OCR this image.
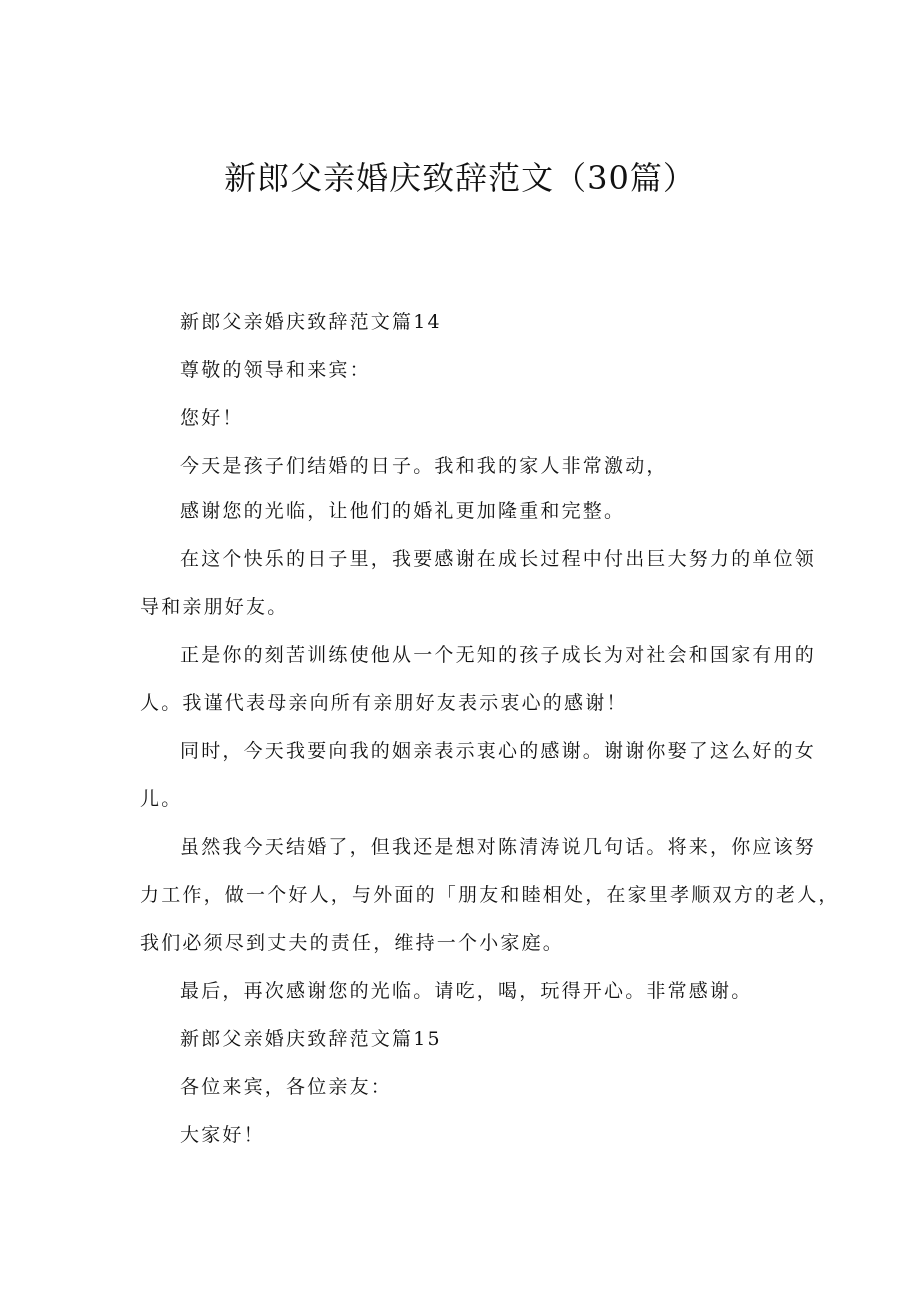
新郎父亲婚庆致辞范文（30篇）
新郎父亲婚庆致辞范文篇14
尊敬的领导和来宾：
您好！
今天是孩子们结婚的日子。我和我的家人非常激动，
感谢您的光临，让他们的婚礼更加隆重和完整。
在这个快乐的日子里，我要感谢在成长过程中付出巨大努力的单位领
导和亲朋好友。
正是你的刻苦训练使他从一个无知的孩子成长为对社会和国家有用的
人。我谨代表母亲向所有亲朋好友表示衷心的感谢！
同时，今天我要向我的姻亲表示衷心的感谢。谢谢你娶了这么好的女
儿。
虽然我今天结婚了，但我还是想对陈清涛说几句话。将来，你应该努
力工作，做一个好人，与外面的「朋友和睦相处，在家里孝顺双方的老人，
我们必须尽到丈夫的责任，维持一个小家庭。
最后，再次感谢您的光临。请吃，喝，玩得开心。非常感谢。
新郎父亲婚庆致辞范文篇15
各位来宾，各位亲友：
大家好！
